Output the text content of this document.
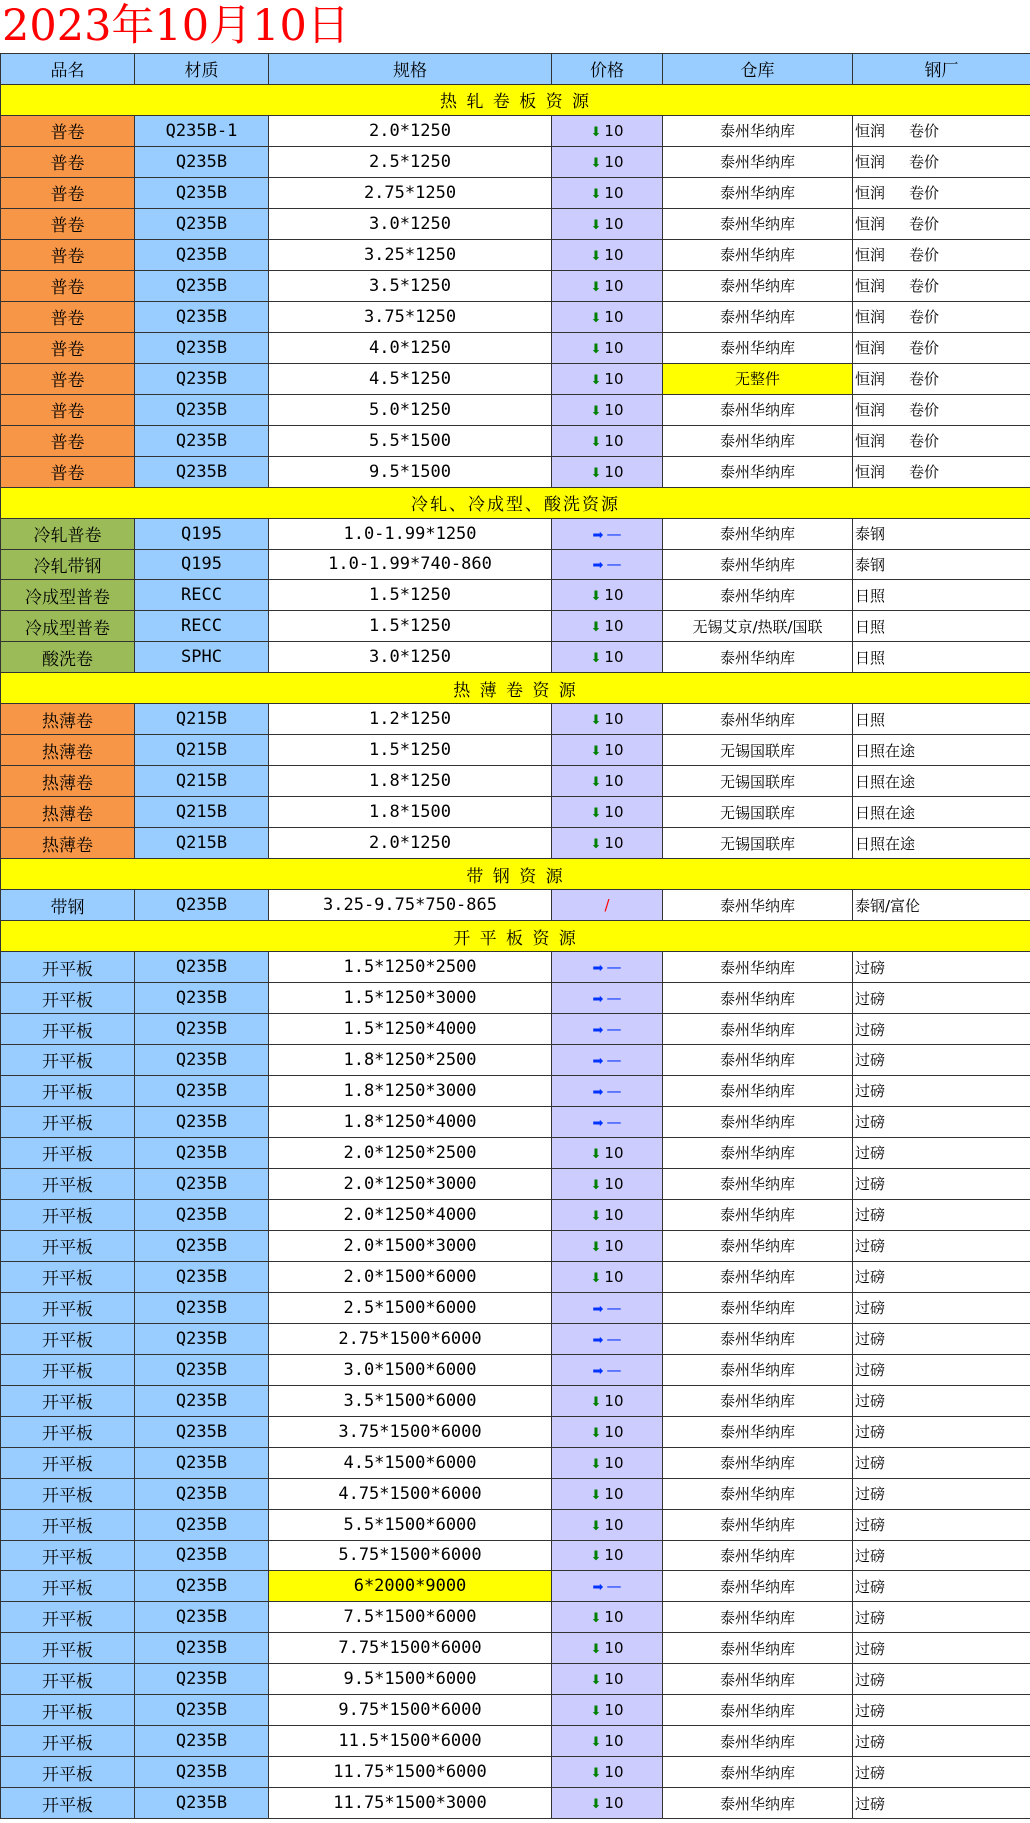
2023年10月10日
品名	材质	规格	价格	仓库	钢厂
热 轧 卷 板 资 源					
普卷	Q235B-1	2.0*1250	⬇ 10	泰州华纳库	恒润 卷价
普卷	Q235B	2.5*1250	⬇ 10	泰州华纳库	恒润 卷价
普卷	Q235B	2.75*1250	⬇ 10	泰州华纳库	恒润 卷价
普卷	Q235B	3.0*1250	⬇ 10	泰州华纳库	恒润 卷价
普卷	Q235B	3.25*1250	⬇ 10	泰州华纳库	恒润 卷价
普卷	Q235B	3.5*1250	⬇ 10	泰州华纳库	恒润 卷价
普卷	Q235B	3.75*1250	⬇ 10	泰州华纳库	恒润 卷价
普卷	Q235B	4.0*1250	⬇ 10	泰州华纳库	恒润 卷价
普卷	Q235B	4.5*1250	⬇ 10	无整件	恒润 卷价
普卷	Q235B	5.0*1250	⬇ 10	泰州华纳库	恒润 卷价
普卷	Q235B	5.5*1500	⬇ 10	泰州华纳库	恒润 卷价
普卷	Q235B	9.5*1500	⬇ 10	泰州华纳库	恒润 卷价
冷轧、冷成型、酸洗资源					
冷轧普卷	Q195	1.0-1.99*1250	➡ —	泰州华纳库	泰钢
冷轧带钢	Q195	1.0-1.99*740-860	➡ —	泰州华纳库	泰钢
冷成型普卷	RECC	1.5*1250	⬇ 10	泰州华纳库	日照
冷成型普卷	RECC	1.5*1250	⬇ 10	无锡艾京/热联/国联	日照
酸洗卷	SPHC	3.0*1250	⬇ 10	泰州华纳库	日照
热 薄 卷 资 源					
热薄卷	Q215B	1.2*1250	⬇ 10	泰州华纳库	日照
热薄卷	Q215B	1.5*1250	⬇ 10	无锡国联库	日照在途
热薄卷	Q215B	1.8*1250	⬇ 10	无锡国联库	日照在途
热薄卷	Q215B	1.8*1500	⬇ 10	无锡国联库	日照在途
热薄卷	Q215B	2.0*1250	⬇ 10	无锡国联库	日照在途
带 钢 资 源					
带钢	Q235B	3.25-9.75*750-865	/	泰州华纳库	泰钢/富伦
开 平 板 资 源					
开平板	Q235B	1.5*1250*2500	➡ —	泰州华纳库	过磅
开平板	Q235B	1.5*1250*3000	➡ —	泰州华纳库	过磅
开平板	Q235B	1.5*1250*4000	➡ —	泰州华纳库	过磅
开平板	Q235B	1.8*1250*2500	➡ —	泰州华纳库	过磅
开平板	Q235B	1.8*1250*3000	➡ —	泰州华纳库	过磅
开平板	Q235B	1.8*1250*4000	➡ —	泰州华纳库	过磅
开平板	Q235B	2.0*1250*2500	⬇ 10	泰州华纳库	过磅
开平板	Q235B	2.0*1250*3000	⬇ 10	泰州华纳库	过磅
开平板	Q235B	2.0*1250*4000	⬇ 10	泰州华纳库	过磅
开平板	Q235B	2.0*1500*3000	⬇ 10	泰州华纳库	过磅
开平板	Q235B	2.0*1500*6000	⬇ 10	泰州华纳库	过磅
开平板	Q235B	2.5*1500*6000	➡ —	泰州华纳库	过磅
开平板	Q235B	2.75*1500*6000	➡ —	泰州华纳库	过磅
开平板	Q235B	3.0*1500*6000	➡ —	泰州华纳库	过磅
开平板	Q235B	3.5*1500*6000	⬇ 10	泰州华纳库	过磅
开平板	Q235B	3.75*1500*6000	⬇ 10	泰州华纳库	过磅
开平板	Q235B	4.5*1500*6000	⬇ 10	泰州华纳库	过磅
开平板	Q235B	4.75*1500*6000	⬇ 10	泰州华纳库	过磅
开平板	Q235B	5.5*1500*6000	⬇ 10	泰州华纳库	过磅
开平板	Q235B	5.75*1500*6000	⬇ 10	泰州华纳库	过磅
开平板	Q235B	6*2000*9000	➡ —	泰州华纳库	过磅
开平板	Q235B	7.5*1500*6000	⬇ 10	泰州华纳库	过磅
开平板	Q235B	7.75*1500*6000	⬇ 10	泰州华纳库	过磅
开平板	Q235B	9.5*1500*6000	⬇ 10	泰州华纳库	过磅
开平板	Q235B	9.75*1500*6000	⬇ 10	泰州华纳库	过磅
开平板	Q235B	11.5*1500*6000	⬇ 10	泰州华纳库	过磅
开平板	Q235B	11.75*1500*6000	⬇ 10	泰州华纳库	过磅
开平板	Q235B	11.75*1500*3000	⬇ 10	泰州华纳库	过磅
